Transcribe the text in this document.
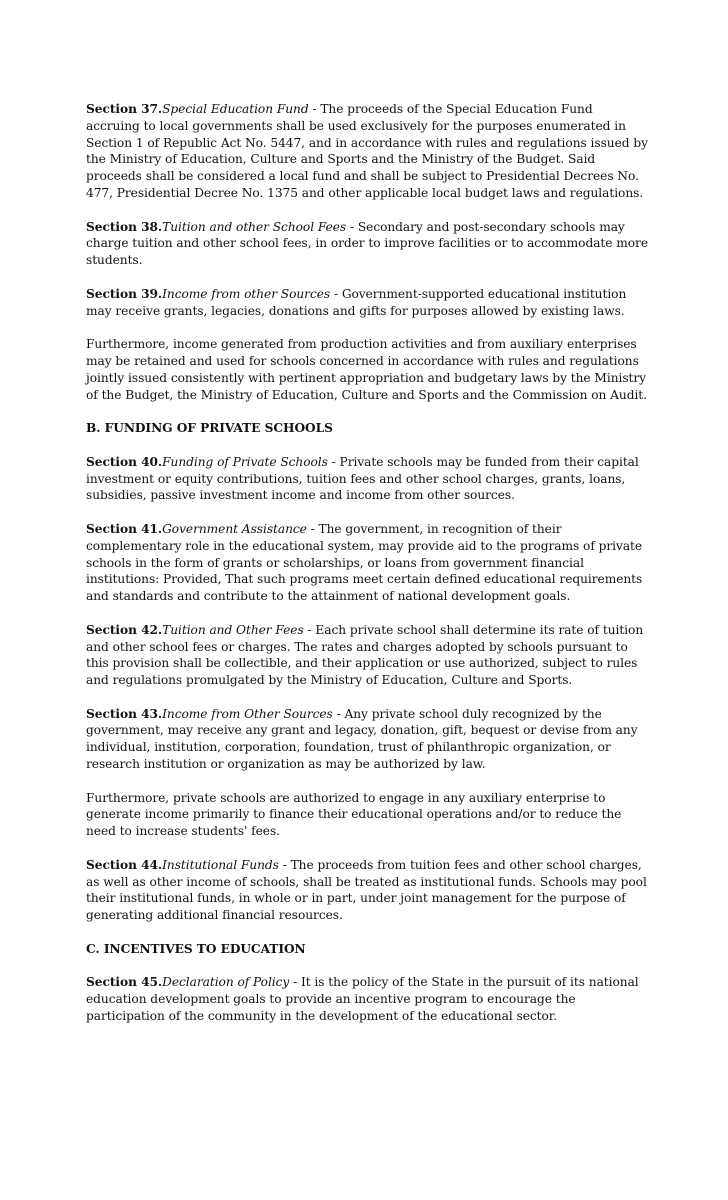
Section 37.Special Education Fund - The proceeds of the Special Education Fund accruing to local governments shall be used exclusively for the purposes enumerated in Section 1 of Republic Act No. 5447, and in accordance with rules and regulations issued by the Ministry of Education, Culture and Sports and the Ministry of the Budget. Said proceeds shall be considered a local fund and shall be subject to Presidential Decrees No. 477, Presidential Decree No. 1375 and other applicable local budget laws and regulations.

Section 38.Tuition and other School Fees - Secondary and post-secondary schools may charge tuition and other school fees, in order to improve facilities or to accommodate more students.

Section 39.Income from other Sources - Government-supported educational institution may receive grants, legacies, donations and gifts for purposes allowed by existing laws.

Furthermore, income generated from production activities and from auxiliary enterprises may be retained and used for schools concerned in accordance with rules and regulations jointly issued consistently with pertinent appropriation and budgetary laws by the Ministry of the Budget, the Ministry of Education, Culture and Sports and the Commission on Audit.

B. FUNDING OF PRIVATE SCHOOLS

Section 40.Funding of Private Schools - Private schools may be funded from their capital investment or equity contributions, tuition fees and other school charges, grants, loans, subsidies, passive investment income and income from other sources.

Section 41.Government Assistance - The government, in recognition of their complementary role in the educational system, may provide aid to the programs of private schools in the form of grants or scholarships, or loans from government financial institutions: Provided, That such programs meet certain defined educational requirements and standards and contribute to the attainment of national development goals.

Section 42.Tuition and Other Fees - Each private school shall determine its rate of tuition and other school fees or charges. The rates and charges adopted by schools pursuant to this provision shall be collectible, and their application or use authorized, subject to rules and regulations promulgated by the Ministry of Education, Culture and Sports.

Section 43.Income from Other Sources - Any private school duly recognized by the government, may receive any grant and legacy, donation, gift, bequest or devise from any individual, institution, corporation, foundation, trust of philanthropic organization, or research institution or organization as may be authorized by law.

Furthermore, private schools are authorized to engage in any auxiliary enterprise to generate income primarily to finance their educational operations and/or to reduce the need to increase students' fees.

Section 44.Institutional Funds - The proceeds from tuition fees and other school charges, as well as other income of schools, shall be treated as institutional funds. Schools may pool their institutional funds, in whole or in part, under joint management for the purpose of generating additional financial resources.

C. INCENTIVES TO EDUCATION

Section 45.Declaration of Policy - It is the policy of the State in the pursuit of its national education development goals to provide an incentive program to encourage the participation of the community in the development of the educational sector.
